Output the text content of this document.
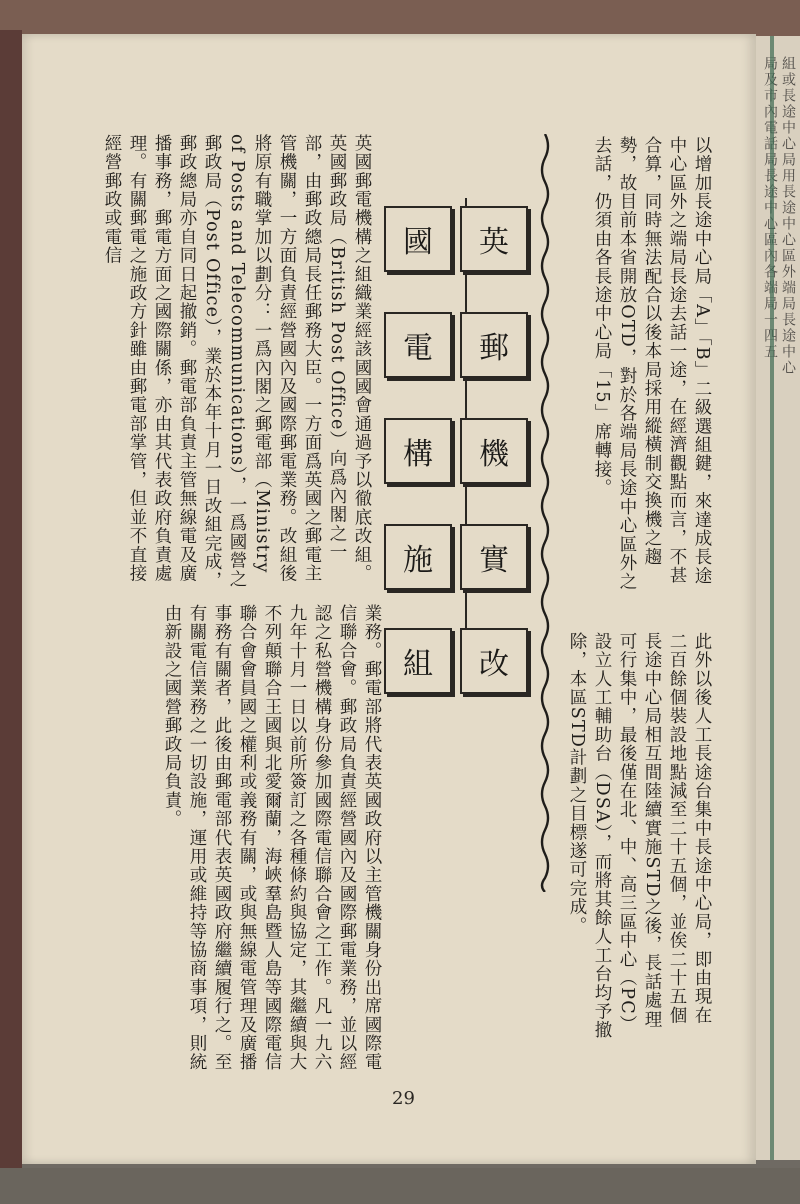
組或長途中心局用長途中心區外端局長途中心
以增加長途中心局「A」「B」二級選組鍵，來達成長途中心區外之端局長途去話一途，在經濟觀點而言，不甚合算，同時無法配合以後本局採用縱橫制交換機之趨勢，故目前本省開放OTD，對於各端局長途中心區外之去話，仍須由各長途中心局「15」席轉接。
此外以後人工長途台集中長途中心局，即由現在二百餘個裝設地點減至二十五個，並俟二十五個長途中心局相互間陸續實施STD之後，長話處理可行集中，最後僅在北、中、高三區中心（PC）設立人工輔助台（DSA），而將其餘人工台均予撤除，本區STD計劃之目標遂可完成。
英
郵
機
實
改
國
電
構
施
組
英國郵電機構之組織業經該國國會通過予以徹底改組。英國郵政局（British Post Office）向爲內閣之一部，由郵政總局長任郵務大臣。一方面爲英國之郵電主管機關，一方面負責經營國內及國際郵電業務。改組後將原有職掌加以劃分：一爲內閣之郵電部（Ministry of Posts and Telecommunications），一爲國營之郵政局（Post Office），業於本年十月一日改組完成，郵政總局亦自同日起撤銷。郵電部負責主管無線電及廣播事務，郵電方面之國際關係，亦由其代表政府負責處理。有關郵電之施政方針雖由郵電部掌管，但並不直接經營郵政或電信
業務。郵電部將代表英國政府以主管機關身份出席國際電信聯合會。郵政局負責經營國內及國際郵電業務，並以經認之私營機構身份參加國際電信聯合會之工作。凡一九六九年十月一日以前所簽訂之各種條約與協定，其繼續與大不列顛聯合王國與北愛爾蘭，海峽羣島暨人島等國際電信聯合會會員國之權利或義務有關，或與無線電管理及廣播事務有關者，此後由郵電部代表英國政府繼續履行之。至有關電信業務之一切設施，運用或維持等協商事項，則統由新設之國營郵政局負責。
29
